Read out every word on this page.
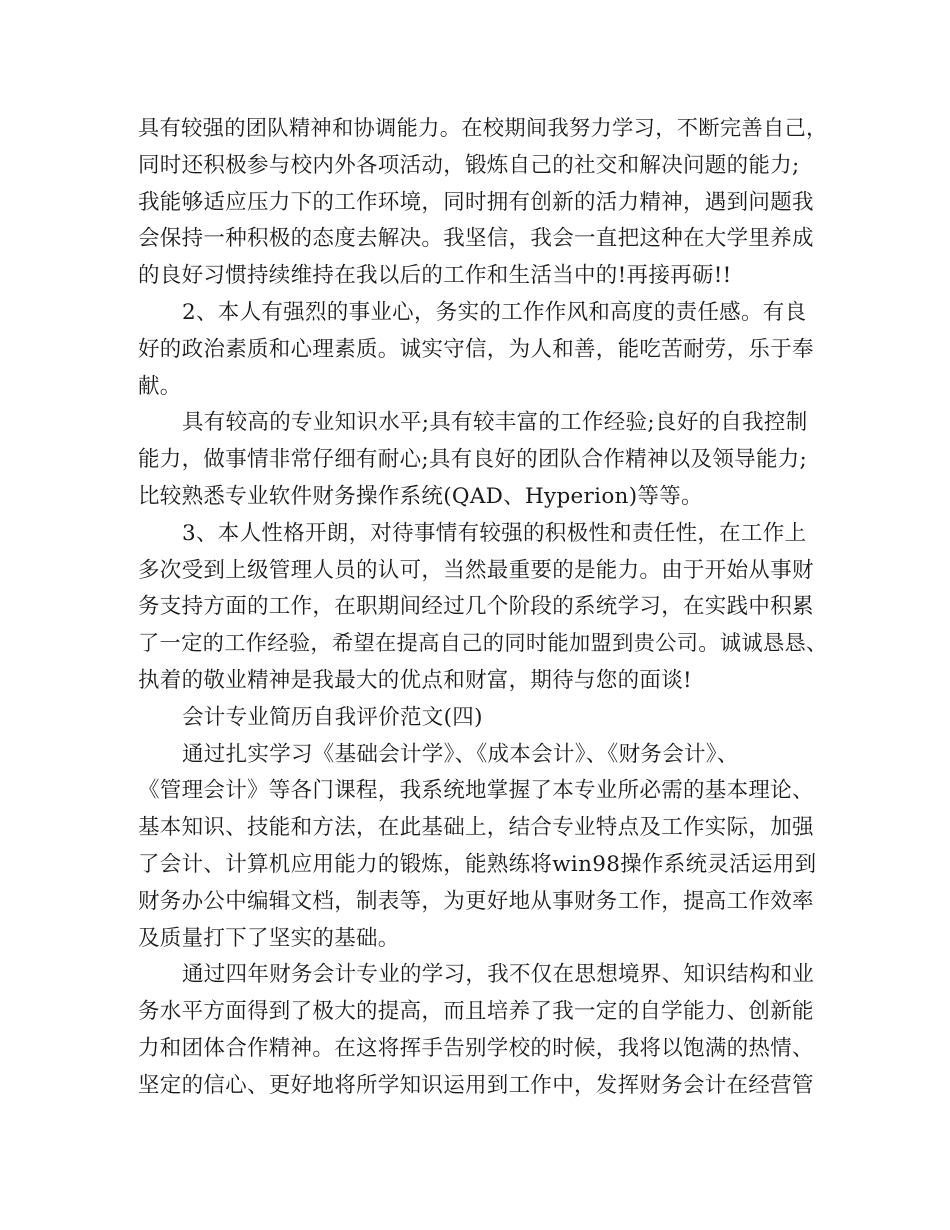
具有较强的团队精神和协调能力。在校期间我努力学习，不断完善自己，
同时还积极参与校内外各项活动，锻炼自己的社交和解决问题的能力;
我能够适应压力下的工作环境，同时拥有创新的活力精神，遇到问题我
会保持一种积极的态度去解决。我坚信，我会一直把这种在大学里养成
的良好习惯持续维持在我以后的工作和生活当中的!再接再砺!!
2、本人有强烈的事业心，务实的工作作风和高度的责任感。有良
好的政治素质和心理素质。诚实守信，为人和善，能吃苦耐劳，乐于奉
献。
具有较高的专业知识水平;具有较丰富的工作经验;良好的自我控制
能力，做事情非常仔细有耐心;具有良好的团队合作精神以及领导能力;
比较熟悉专业软件财务操作系统(QAD、Hyperion)等等。
3、本人性格开朗，对待事情有较强的积极性和责任性，在工作上
多次受到上级管理人员的认可，当然最重要的是能力。由于开始从事财
务支持方面的工作，在职期间经过几个阶段的系统学习，在实践中积累
了一定的工作经验，希望在提高自己的同时能加盟到贵公司。诚诚恳恳、
执着的敬业精神是我最大的优点和财富，期待与您的面谈!
会计专业简历自我评价范文(四)
通过扎实学习《基础会计学》、《成本会计》、《财务会计》、
《管理会计》等各门课程，我系统地掌握了本专业所必需的基本理论、
基本知识、技能和方法，在此基础上，结合专业特点及工作实际，加强
了会计、计算机应用能力的锻炼，能熟练将win98操作系统灵活运用到
财务办公中编辑文档，制表等，为更好地从事财务工作，提高工作效率
及质量打下了坚实的基础。
通过四年财务会计专业的学习，我不仅在思想境界、知识结构和业
务水平方面得到了极大的提高，而且培养了我一定的自学能力、创新能
力和团体合作精神。在这将挥手告别学校的时候，我将以饱满的热情、
坚定的信心、更好地将所学知识运用到工作中，发挥财务会计在经营管
